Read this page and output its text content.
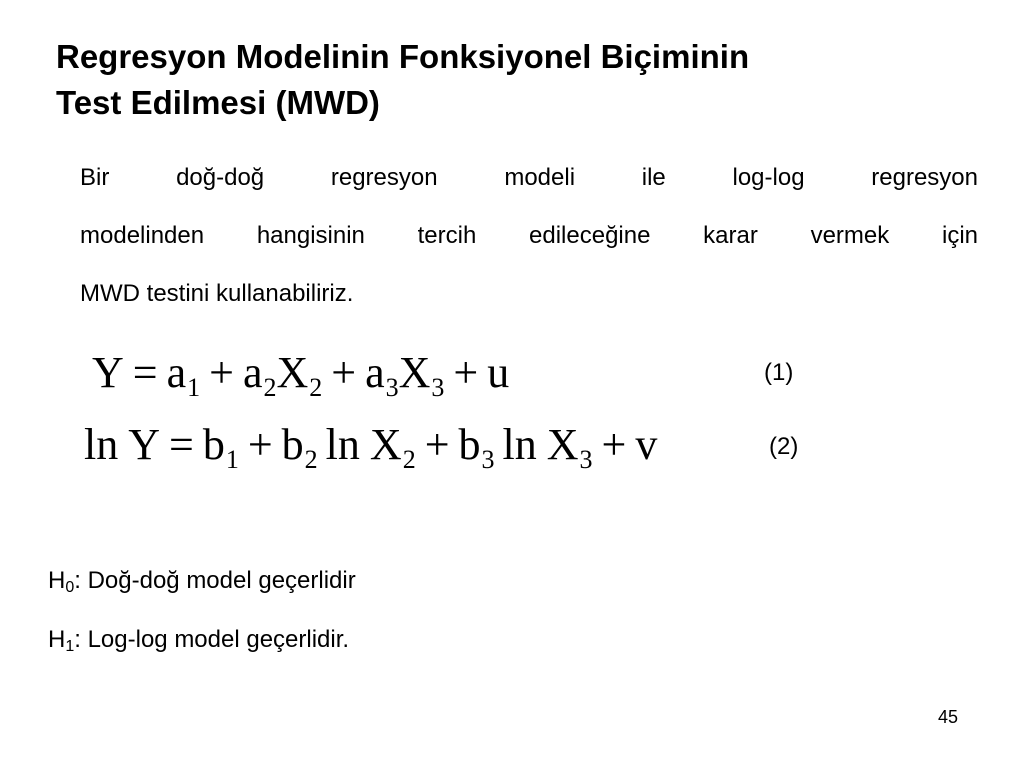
Regresyon Modelinin Fonksiyonel Biçiminin
Test Edilmesi (MWD)
Bir doğ-doğ regresyon modeli ile log-log regresyon
modelinden hangisinin tercih edileceğine karar vermek için
MWD testini kullanabiliriz.
$Y = a_1 + a_2X_2 + a_3X_3 + u$	(1)
$\ln Y = b_1 + b_2$ $\ln X_2 + b_3$ $\ln X_3 + v$	(2)
$H_0$: Doğ-doğ model geçerlidir
$H_1$: Log-log model geçerlidir.
45
